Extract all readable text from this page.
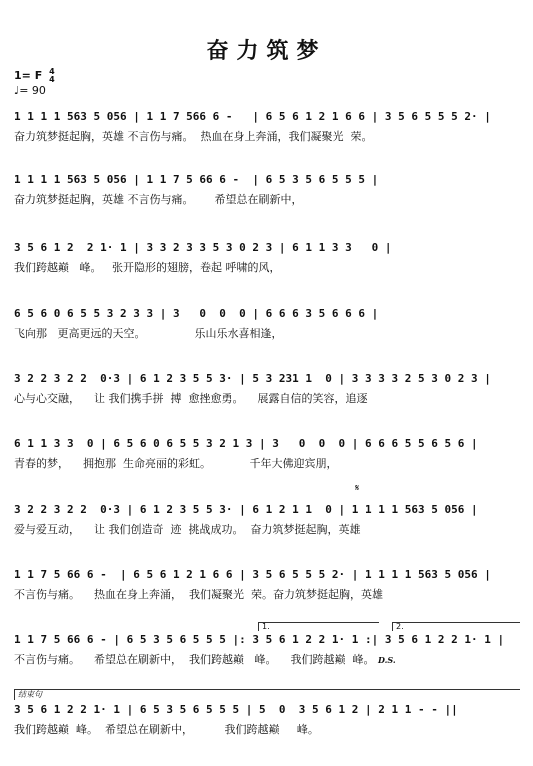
奋力筑梦
1= F 4
4
♩= 90
1 1 1 1 563 5 056 | 1 1 7 566 6 -   | 6 5 6 1 2 1 6 6 | 3 5 6 5 5 5 2· |
奋力筑梦挺起胸，英雄 不言伤与痛。  热血在身上奔涌，我们凝聚光  荣。
1 1 1 1 563 5 056 | 1 1 7 5 66 6 -  | 6 5 3 5 6 5 5 5 |
奋力筑梦挺起胸，英雄 不言伤与痛。      希望总在刷新中，
3 5 6 1 2  2 1· 1 | 3 3 2 3 3 5 3 0 2 3 | 6 1 1 3 3   0 |
我们跨越巅   峰。   张开隐形的翅膀，卷起 呼啸的风，
6 5 6 0 6 5 5 3 2 3 3 | 3   0  0  0 | 6 6 6 3 5 6 6 6 |
飞向那   更高更远的天空。              乐山乐水喜相逢，
3 2 2 3 2 2  0·3 | 6 1 2 3 5 5 3· | 5 3 231 1  0 | 3 3 3 3 2 5 3 0 2 3 |
心与心交融，    让 我们携手拼  搏  愈挫愈勇。    展露自信的笑容，追逐
6 1 1 3 3  0 | 6 5 6 0 6 5 5 3 2 1 3 | 3   0  0  0 | 6 6 6 5 5 6 5 6 |
青春的梦，    拥抱那  生命亮丽的彩虹。           千年大佛迎宾朋，
𝄋
3 2 2 3 2 2  0·3 | 6 1 2 3 5 5 3· | 6 1 2 1 1  0 | 1 1 1 1 563 5 056 |
爱与爱互动，    让 我们创造奇  迹  挑战成功。  奋力筑梦挺起胸，英雄
1 1 7 5 66 6 -  | 6 5 6 1 2 1 6 6 | 3 5 6 5 5 5 2· | 1 1 1 1 563 5 056 |
不言伤与痛。    热血在身上奔涌，  我们凝聚光  荣。奋力筑梦挺起胸，英雄
1.	2.
1 1 7 5 66 6 - | 6 5 3 5 6 5 5 5 |: 3 5 6 1 2 2 1· 1 :| 3 5 6 1 2 2 1· 1 |
不言伤与痛。    希望总在刷新中，  我们跨越巅   峰。    我们跨越巅  峰。 D.S.
结束句
3 5 6 1 2 2 1· 1 | 6 5 3 5 6 5 5 5 | 5  0  3 5 6 1 2 | 2 1 1 - - ||
我们跨越巅  峰。  希望总在刷新中，         我们跨越巅     峰。
